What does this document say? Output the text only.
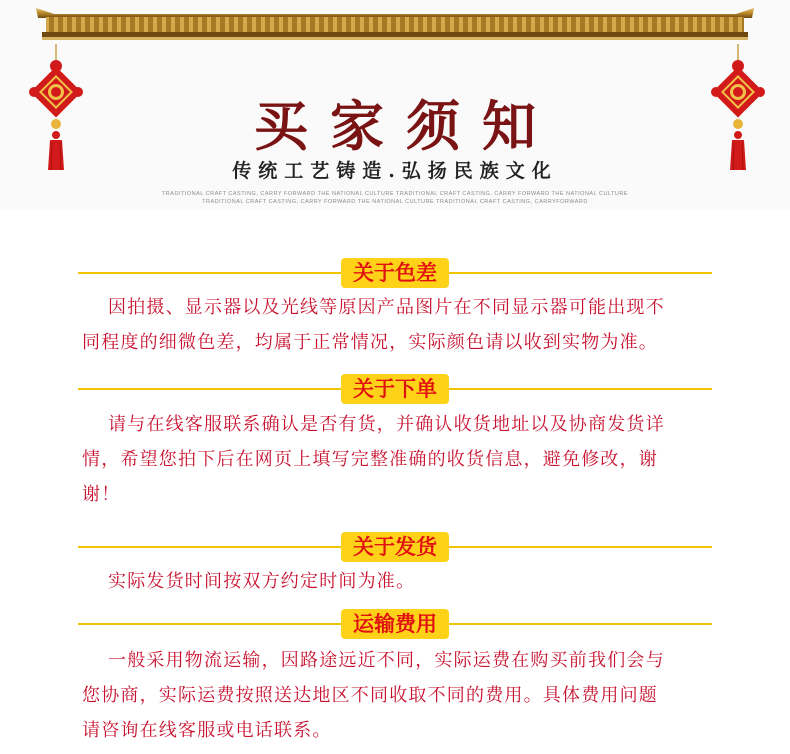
买家须知
传统工艺铸造.弘扬民族文化
TRADITIONAL CRAFT CASTING, CARRY FORWARD THE NATIONAL CULTURE TRADITIONAL CRAFT CASTING, CARRY FORWARD THE NATIONAL CULTURE
TRADITIONAL CRAFT CASTING, CARRY FORWARD THE NATIONAL CULTURE TRADITIONAL CRAFT CASTING, CARRYFORWARD
关于色差

因拍摄、显示器以及光线等原因产品图片在不同显示器可能出现不

同程度的细微色差，均属于正常情况，实际颜色请以收到实物为准。

关于下单

请与在线客服联系确认是否有货，并确认收货地址以及协商发货详

情，希望您拍下后在网页上填写完整准确的收货信息，避免修改，谢

谢！

关于发货

实际发货时间按双方约定时间为准。

运输费用

一般采用物流运输，因路途远近不同，实际运费在购买前我们会与

您协商，实际运费按照送达地区不同收取不同的费用。具体费用问题

请咨询在线客服或电话联系。
